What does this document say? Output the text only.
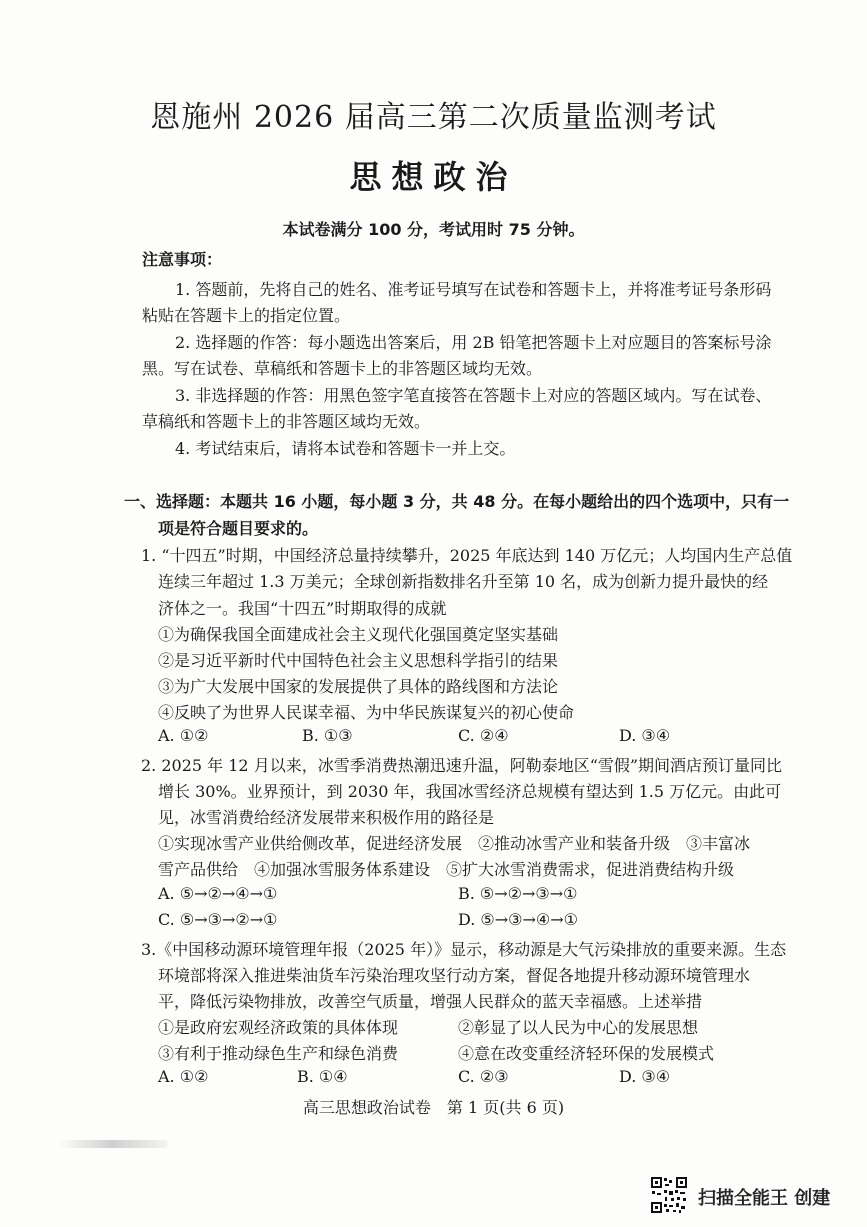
恩施州 2026 届高三第二次质量监测考试
思想政治
本试卷满分 100 分，考试用时 75 分钟。
注意事项：
1. 答题前，先将自己的姓名、准考证号填写在试卷和答题卡上，并将准考证号条形码
粘贴在答题卡上的指定位置。
2. 选择题的作答：每小题选出答案后，用 2B 铅笔把答题卡上对应题目的答案标号涂
黑。写在试卷、草稿纸和答题卡上的非答题区域均无效。
3. 非选择题的作答：用黑色签字笔直接答在答题卡上对应的答题区域内。写在试卷、
草稿纸和答题卡上的非答题区域均无效。
4. 考试结束后，请将本试卷和答题卡一并上交。
一、选择题：本题共 16 小题，每小题 3 分，共 48 分。在每小题给出的四个选项中，只有一
项是符合题目要求的。
1. “十四五”时期，中国经济总量持续攀升，2025 年底达到 140 万亿元；人均国内生产总值
连续三年超过 1.3 万美元；全球创新指数排名升至第 10 名，成为创新力提升最快的经
济体之一。我国“十四五”时期取得的成就
①为确保我国全面建成社会主义现代化强国奠定坚实基础
②是习近平新时代中国特色社会主义思想科学指引的结果
③为广大发展中国家的发展提供了具体的路线图和方法论
④反映了为世界人民谋幸福、为中华民族谋复兴的初心使命
A. ①②	B. ①③	C. ②④	D. ③④
2. 2025 年 12 月以来，冰雪季消费热潮迅速升温，阿勒泰地区“雪假”期间酒店预订量同比
增长 30%。业界预计，到 2030 年，我国冰雪经济总规模有望达到 1.5 万亿元。由此可
见，冰雪消费给经济发展带来积极作用的路径是
①实现冰雪产业供给侧改革，促进经济发展　②推动冰雪产业和装备升级　③丰富冰
雪产品供给　④加强冰雪服务体系建设　⑤扩大冰雪消费需求，促进消费结构升级
A. ⑤→②→④→①	B. ⑤→②→③→①
C. ⑤→③→②→①	D. ⑤→③→④→①
3.《中国移动源环境管理年报（2025 年）》显示，移动源是大气污染排放的重要来源。生态
环境部将深入推进柴油货车污染治理攻坚行动方案，督促各地提升移动源环境管理水
平，降低污染物排放，改善空气质量，增强人民群众的蓝天幸福感。上述举措
①是政府宏观经济政策的具体体现	②彰显了以人民为中心的发展思想
③有利于推动绿色生产和绿色消费	④意在改变重经济轻环保的发展模式
A. ①②	B. ①④	C. ②③	D. ③④
高三思想政治试卷　第 1 页(共 6 页)
扫描全能王 创建
